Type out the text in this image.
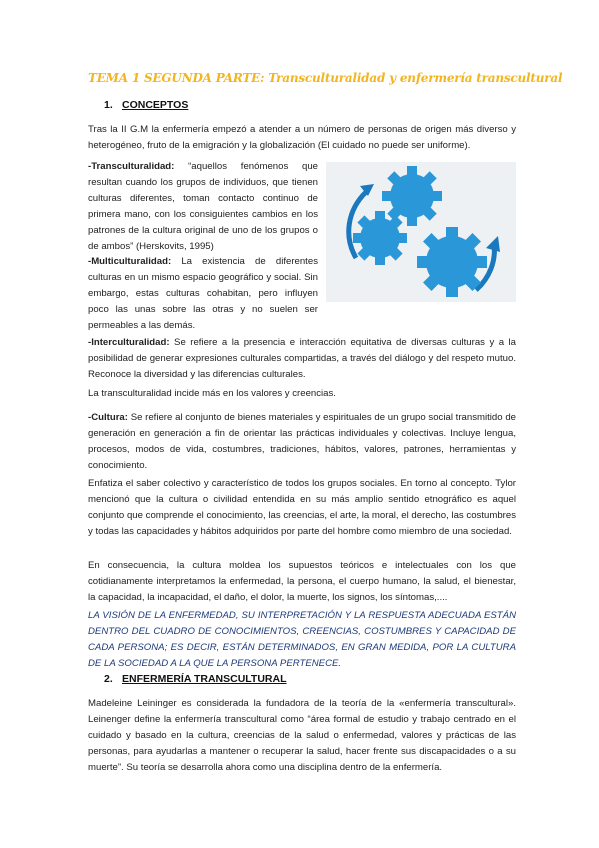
TEMA 1 SEGUNDA PARTE: Transculturalidad y enfermería transcultural
1. CONCEPTOS
Tras la II G.M la enfermería empezó a atender a un número de personas de origen más diverso y heterogéneo, fruto de la emigración y la globalización (El cuidado no puede ser uniforme).
-Transculturalidad: “aquellos fenómenos que resultan cuando los grupos de individuos, que tienen culturas diferentes, toman contacto continuo de primera mano, con los consiguientes cambios en los patrones de la cultura original de uno de los grupos o de ambos” (Herskovits, 1995)
-Multiculturalidad: La existencia de diferentes culturas en un mismo espacio geográfico y social. Sin embargo, estas culturas cohabitan, pero influyen poco las unas sobre las otras y no suelen ser permeables a las demás.
-Interculturalidad: Se refiere a la presencia e interacción equitativa de diversas culturas y a la posibilidad de generar expresiones culturales compartidas, a través del diálogo y del respeto mutuo. Reconoce la diversidad y las diferencias culturales.
La transculturalidad incide más en los valores y creencias.
-Cultura: Se refiere al conjunto de bienes materiales y espirituales de un grupo social transmitido de generación en generación a fin de orientar las prácticas individuales y colectivas. Incluye lengua, procesos, modos de vida, costumbres, tradiciones, hábitos, valores, patrones, herramientas y conocimiento.
Enfatiza el saber colectivo y característico de todos los grupos sociales. En torno al concepto. Tylor mencionó que la cultura o civilidad entendida en su más amplio sentido etnográfico es aquel conjunto que comprende el conocimiento, las creencias, el arte, la moral, el derecho, las costumbres y todas las capacidades y hábitos adquiridos por parte del hombre como miembro de una sociedad.
En consecuencia, la cultura moldea los supuestos teóricos e intelectuales con los que cotidianamente interpretamos la enfermedad, la persona, el cuerpo humano, la salud, el bienestar, la capacidad, la incapacidad, el daño, el dolor, la muerte, los signos, los síntomas,....
LA VISIÓN DE LA ENFERMEDAD, SU INTERPRETACIÓN Y LA RESPUESTA ADECUADA ESTÁN DENTRO DEL CUADRO DE CONOCIMIENTOS, CREENCIAS, COSTUMBRES Y CAPACIDAD DE CADA PERSONA; ES DECIR, ESTÁN DETERMINADOS, EN GRAN MEDIDA, POR LA CULTURA DE LA SOCIEDAD A LA QUE LA PERSONA PERTENECE.
2. ENFERMERÍA TRANSCULTURAL
Madeleine Leininger es considerada la fundadora de la teoría de la «enfermería transcultural». Leinenger define la enfermería transcultural como “área formal de estudio y trabajo centrado en el cuidado y basado en la cultura, creencias de la salud o enfermedad, valores y prácticas de las personas, para ayudarlas a mantener o recuperar la salud, hacer frente sus discapacidades o a su muerte”. Su teoría se desarrolla ahora como una disciplina dentro de la enfermería.
